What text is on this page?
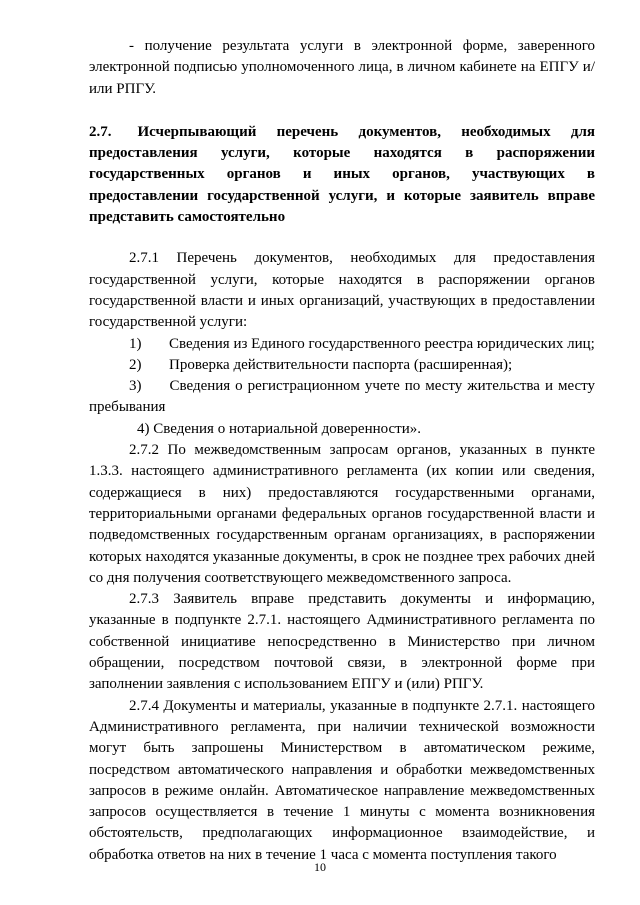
- получение результата услуги в электронной форме, заверенного электронной подписью уполномоченного лица, в личном кабинете на ЕПГУ и/или РПГУ.

2.7. Исчерпывающий перечень документов, необходимых для предоставления услуги, которые находятся в распоряжении государственных органов и иных органов, участвующих в предоставлении государственной услуги, и которые заявитель вправе представить самостоятельно

2.7.1 Перечень документов, необходимых для предоставления государственной услуги, которые находятся в распоряжении органов государственной власти и иных организаций, участвующих в предоставлении государственной услуги:

1)	Сведения из Единого государственного реестра юридических лиц;
2)	Проверка действительности паспорта (расширенная);

3) Сведения о регистрационном учете по месту жительства и месту пребывания

4) Сведения о нотариальной доверенности».

2.7.2 По межведомственным запросам органов, указанных в пункте 1.3.3. настоящего административного регламента (их копии или сведения, содержащиеся в них) предоставляются государственными органами, территориальными органами федеральных органов государственной власти и подведомственных государственным органам организациях, в распоряжении которых находятся указанные документы, в срок не позднее трех рабочих дней со дня получения соответствующего межведомственного запроса.

2.7.3 Заявитель вправе представить документы и информацию, указанные в подпункте 2.7.1. настоящего Административного регламента по собственной инициативе непосредственно в Министерство при личном обращении, посредством почтовой связи, в электронной форме при заполнении заявления с использованием ЕПГУ и (или) РПГУ.

2.7.4 Документы и материалы, указанные в подпункте 2.7.1. настоящего Административного регламента, при наличии технической возможности могут быть запрошены Министерством в автоматическом режиме, посредством автоматического направления и обработки межведомственных запросов в режиме онлайн. Автоматическое направление межведомственных запросов осуществляется в течение 1 минуты с момента возникновения обстоятельств, предполагающих информационное взаимодействие, и обработка ответов на них в течение 1 часа с момента поступления такого

10
